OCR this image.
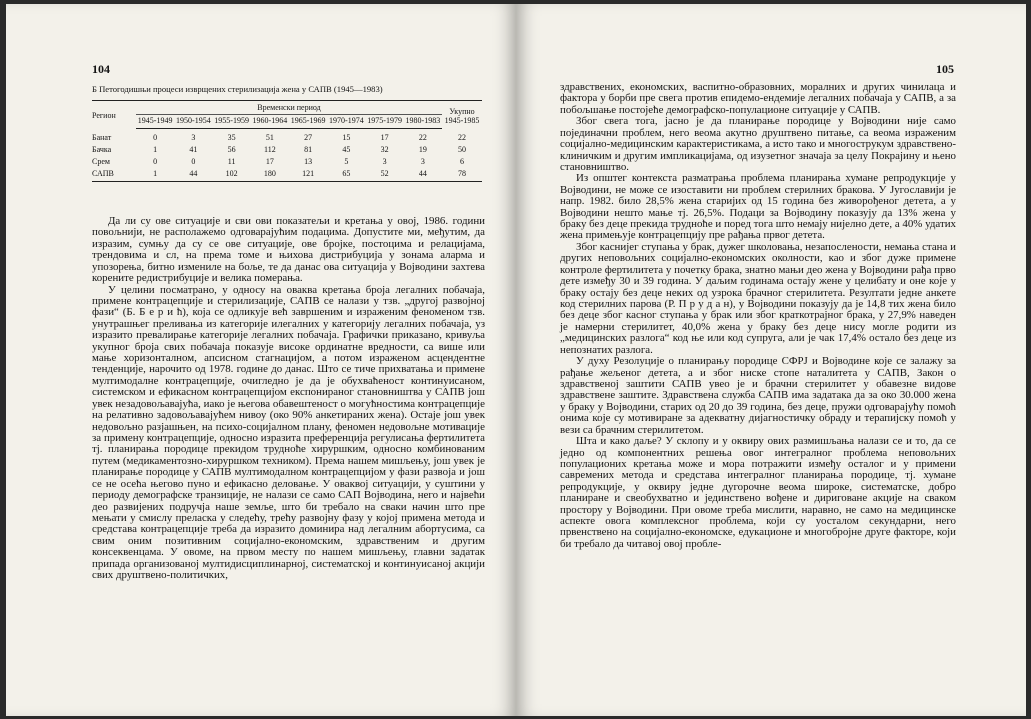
104
Б Петогодишњи процеси изврщених стерилизација жена у САПВ (1945—1983)
Регион	Временски период								Укупно 1945-1985
	1945-1949	1950-1954	1955-1959	1960-1964	1965-1969	1970-1974	1975-1979	1980-1983	
Банат	0	3	35	51	27	15	17	22	22
Бачка	1	41	56	112	81	45	32	19	50
Срем	0	0	11	17	13	5	3	3	6
САПВ	1	44	102	180	121	65	52	44	78

Да ли су ове ситуације и сви ови показатељи и кретања у овој, 1986. години повољнији, не располажемо одговарајућим подацима. Допустите ми, међутим, да изразим, сумњу да су се ове ситуације, ове бројке, постоцима и релацијама, трендовима и сл, на према томе и њихова дистрибуција у зонама аларма и упозорења, битно измениле на боље, те да данас ова ситуација у Војводини захтева корените редистрибуције и велика померања.

У целини посматрано, у односу на оваква кретања броја легалних побачаја, примене контрацепције и стерилизације, САПВ се налази у тзв. „другој развојној фази“ (Б. Б е р и ћ), која се одликује већ завршеним и израженим феноменом тзв. унутрашњег преливања из категорије илегалних у категорију легалних побачаја, уз изразито превалирање категорије легалних побачаја. Графички приказано, кривуља укупног броја свих побачаја показује високе ординатне вредности, са више или мање хоризонталном, апсисном стагнацијом, а потом израженом асцендентне тенденције, нарочито од 1978. године до данас. Што се тиче прихватања и примене мултимодалне контрацепције, очигледно је да је обухваћеност континуисаном, системском и ефикасном контрацепцијом експонираног становништва у САПВ још увек незадовољавајућа, иако је његова обавештеност о могућностима контрацепције на релативно задовољавајућем нивоу (око 90% анкетираних жена). Остаје још увек недовољно разјашњен, на психо-социјалном плану, феномен недовољне мотивације за примену контрацепције, односно изразита преференција регулисања фертилитета тј. планирања породице прекидом трудноће хируршким, односно комбинованим путем (медикаментозно-хируршком техником). Према нашем мишљењу, још увек је планирање породице у САПВ мултимодалном контрацепцијом у фази развоја и још се не осећа његово пуно и ефикасно деловање. У оваквој ситуацији, у суштини у периоду демографске транзиције, не налази се само САП Војводина, него и највећи део развијених подручја наше земље, што би требало на сваки начин што пре мењати у смислу преласка у следећу, трећу развојну фазу у којој примена метода и средстава контрацепције треба да изразито доминира над легалним абортусима, са свим оним позитивним социјално-економским, здравственим и другим консеквенцама. У овоме, на првом месту по нашем мишљењу, главни задатак припада организованој мултидисциплинарној, систематској и континуисаној акцији свих друштвено-политичких,

105

здравствених, економских, васпитно-образовних, моралних и других чинилаца и фактора у борби пре свега против епидемо-ендемије легалних побачаја у САПВ, а за побољшање постојеће демографско-популационе ситуације у САПВ.

Због свега тога, јасно је да планирање породице у Војводини није само појединачни проблем, него веома акутно друштвено питање, са веома израженим социјално-медицинским карактеристикама, а исто тако и многострукум здравствено-клиничким и другим импликацијама, од изузетног значаја за целу Покрајину и њено становништво.

Из општег контекста разматрања проблема планирања хумане репродукције у Војводини, не може се изоставити ни проблем стерилних бракова. У Југославији је напр. 1982. било 28,5% жена старијих од 15 година без живорођеног детета, а у Војводини нешто мање тј. 26,5%. Подаци за Војводину показују да 13% жена у браку без деце прекида трудноће и поред тога што немају нијелно дете, а 40% удатих жена примењује контрацепцију пре рађања првог детета.

Због каснијег ступања у брак, дужег школовања, незапослености, немања стана и других неповољних социјално-економских околности, као и због дуже примене контроле фертилитета у почетку брака, знатно мањи део жена у Војводини рађа прво дете између 30 и 39 година. У даљим годинама остају жене у целибату и оне које у браку остају без деце неких од узрока брачног стерилитета. Резултати једне анкете код стерилних парова (Р. П р у д а н), у Војводини показују да је 14,8 тих жена било без деце због касног ступања у брак или због краткотрајног брака, у 27,9% наведен је намерни стерилитет, 40,0% жена у браку без деце нису могле родити из „медицинских разлога“ код ње или код супруга, али је чак 17,4% остало без деце из непознатих разлога.

У духу Резолуције о планирању породице СФРЈ и Војводине које се залажу за рађање жељеног детета, а и због ниске стопе наталитета у САПВ, Закон о здравственој заштити САПВ увео је и брачни стерилитет у обавезне видове здравствене заштите. Здравствена служба САПВ има задатака да за око 30.000 жена у браку у Војводини, старих од 20 до 39 година, без деце, пружи одговарајућу помоћ онима које су мотивиране за адекватну дијагностичку обраду и терапијску помоћ у вези са брачним стерилитетом.

Шта и како даље? У склопу и у оквиру ових размишљања налази се и то, да се једно од компонентних решења овог интегралног проблема неповољних популационих кретања може и мора потражити између осталог и у примени савремених метода и средстава интегралног планирања породице, тј. хумане репродукције, у оквиру једне дугорочне веома широке, систематске, добро планиране и свеобухватно и јединствено вођене и дириговане акције на сваком простору у Војводини. При овоме треба мислити, наравно, не само на медицинске аспекте овога комплексног проблема, који су уосталом секундарни, него првенствено на социјално-економске, едукационе и многобројне друге факторе, који би требало да читавој овој пробле-
